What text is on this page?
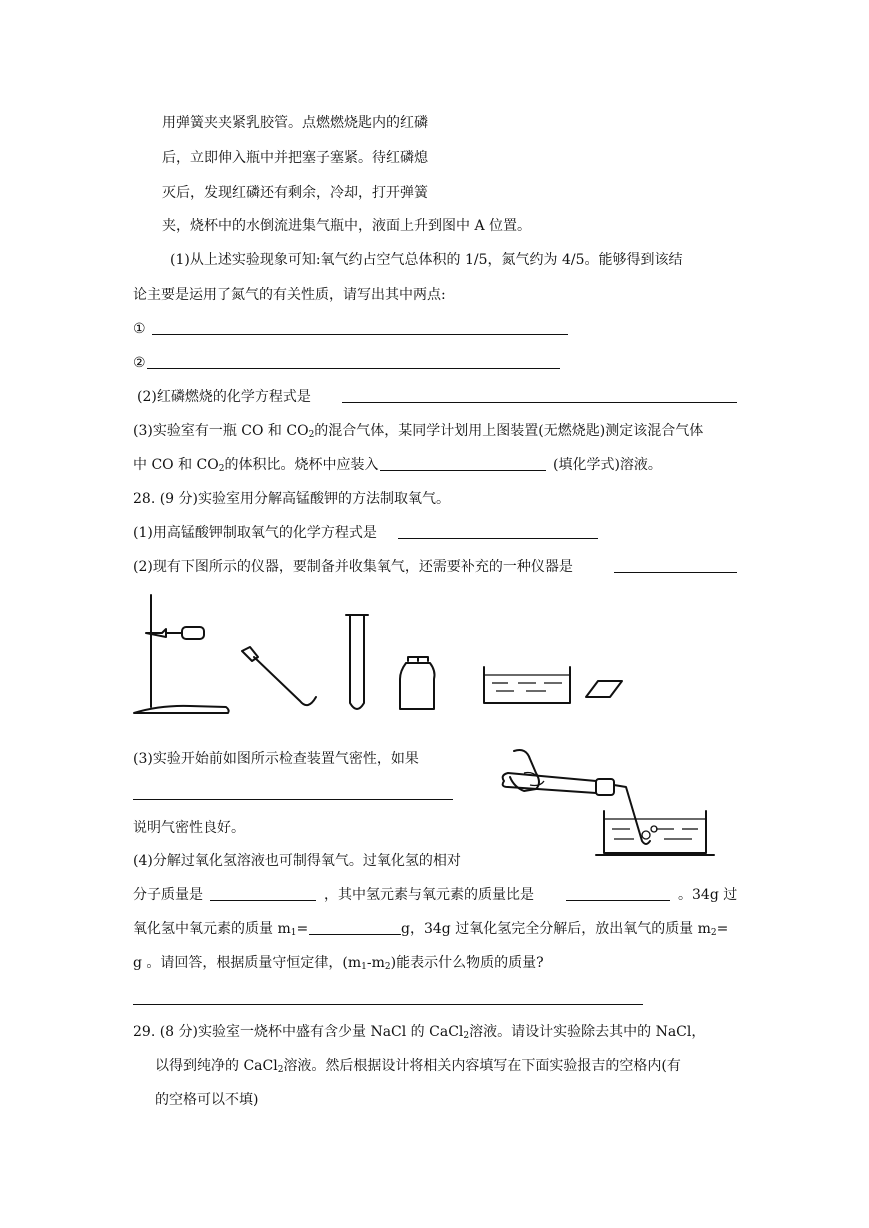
用弹簧夹夹紧乳胶管。点燃燃烧匙内的红磷
后，立即伸入瓶中并把塞子塞紧。待红磷熄
灭后，发现红磷还有剩余，冷却，打开弹簧
夹，烧杯中的水倒流进集气瓶中，液面上升到图中 A 位置。
(1)从上述实验现象可知:氧气约占空气总体积的 1/5，氮气约为 4/5。能够得到该结
论主要是运用了氮气的有关性质，请写出其中两点:
①
②
(2)红磷燃烧的化学方程式是
(3)实验室有一瓶 CO 和 $CO_2$的混合气体，某同学计划用上图装置(无燃烧匙)测定该混合气体
中 CO 和 $CO_2$的体积比。烧杯中应装入	(填化学式)溶液。
28. (9 分)实验室用分解高锰酸钾的方法制取氧气。
(1)用高锰酸钾制取氧气的化学方程式是
(2)现有下图所示的仪器，要制备并收集氧气，还需要补充的一种仪器是
(3)实验开始前如图所示检查装置气密性，如果
说明气密性良好。
(4)分解过氧化氢溶液也可制得氧气。过氧化氢的相对
分子质量是	，其中氢元素与氧元素的质量比是	。34g 过
氧化氢中氧元素的质量 $m_1=$	g，34g 过氧化氢完全分解后，放出氧气的质量 $m_2=$
g 。请回答，根据质量守恒定律，$(m_1-m_2)$能表示什么物质的质量?
29. (8 分)实验室一烧杯中盛有含少量 NaCl 的 CaCl$_2$溶液。请设计实验除去其中的 NaCl，
以得到纯净的 CaCl$_2$溶液。然后根据设计将相关内容填写在下面实验报吉的空格内(有
的空格可以不填)
